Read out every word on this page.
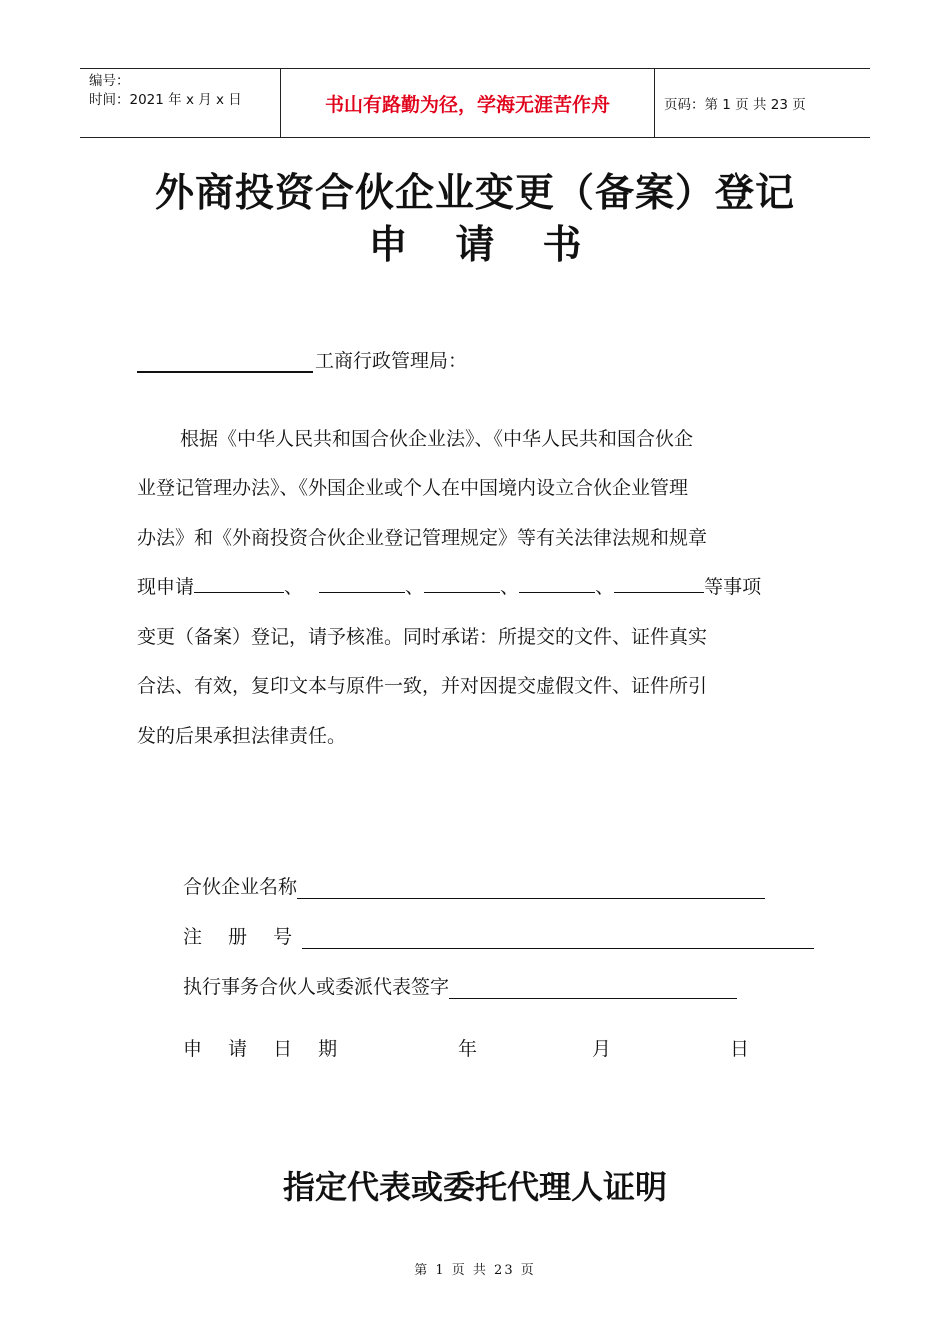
编号：
时间：2021 年 x 月 x 日	书山有路勤为径，学海无涯苦作舟	页码：第 1 页 共 23 页
外商投资合伙企业变更（备案）登记
申 请 书
工商行政管理局：
根据《中华人民共和国合伙企业法》、《中华人民共和国合伙企
业登记管理办法》、《外国企业或个人在中国境内设立合伙企业管理
办法》和《外商投资合伙企业登记管理规定》等有关法律法规和规章
现申请	、	、	、	、	等事项
变更（备案）登记，请予核准。同时承诺：所提交的文件、证件真实
合法、有效，复印文本与原件一致，并对因提交虚假文件、证件所引
发的后果承担法律责任。
合伙企业名称
注 册 号
执行事务合伙人或委派代表签字
申 请 日 期	年	月	日
指定代表或委托代理人证明
第 1 页 共 23 页
